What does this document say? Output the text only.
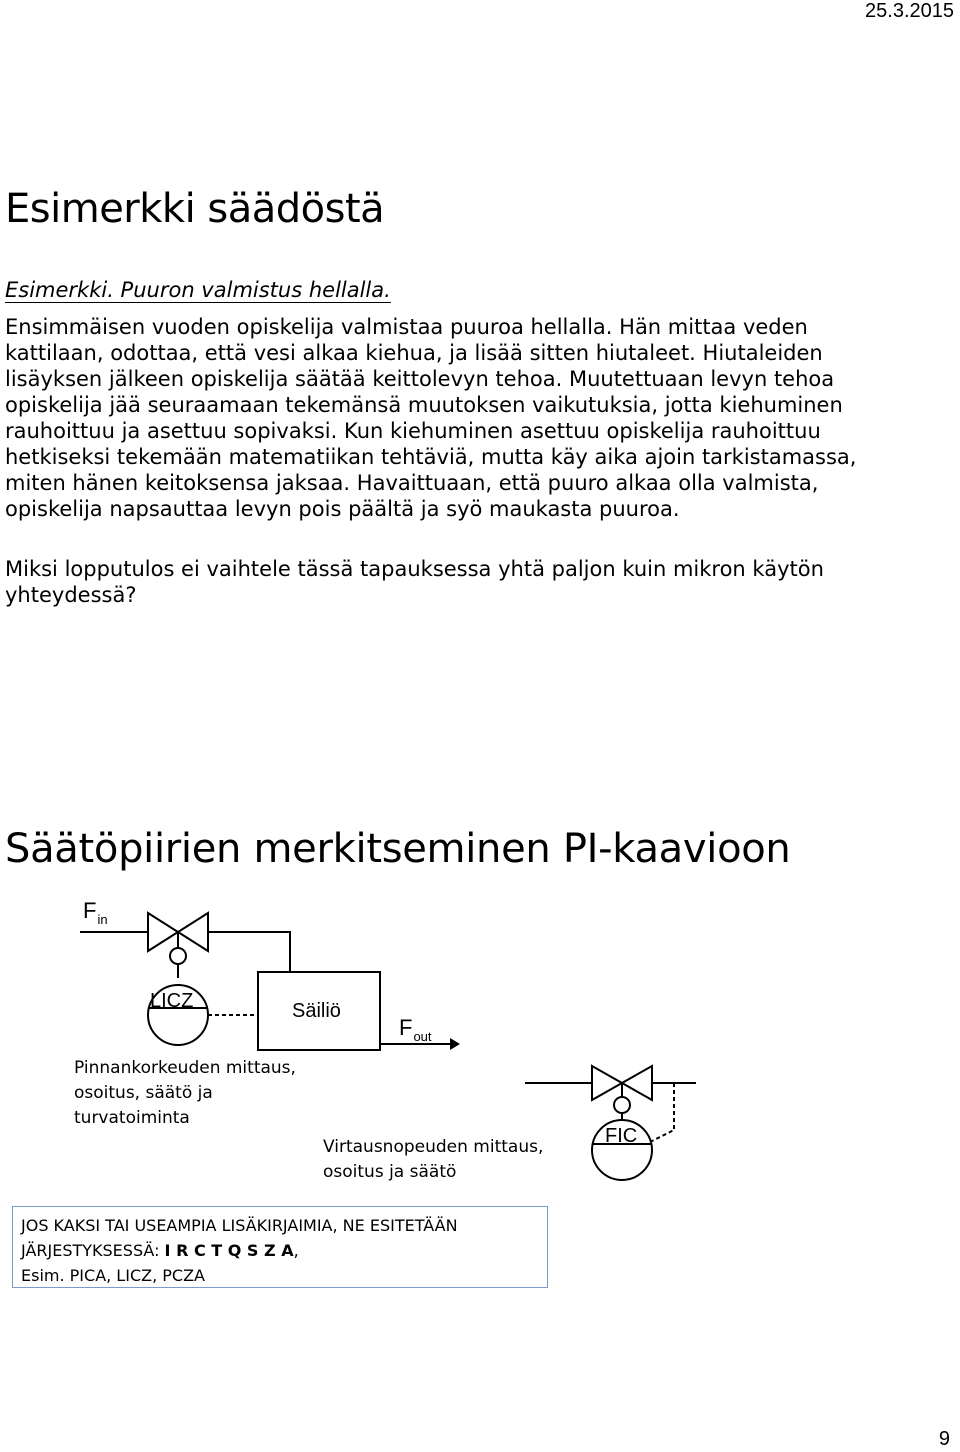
25.3.2015
Esimerkki säädöstä
Esimerkki. Puuron valmistus hellalla.

Ensimmäisen vuoden opiskelija valmistaa puuroa hellalla. Hän mittaa veden kattilaan, odottaa, että vesi alkaa kiehua, ja lisää sitten hiutaleet. Hiutaleiden lisäyksen jälkeen opiskelija säätää keittolevyn tehoa. Muutettuaan levyn tehoa opiskelija jää seuraamaan tekemänsä muutoksen vaikutuksia, jotta kiehuminen rauhoittuu ja asettuu sopivaksi. Kun kiehuminen asettuu opiskelija rauhoittuu hetkiseksi tekemään matematiikan tehtäviä, mutta käy aika ajoin tarkistamassa, miten hänen keitoksensa jaksaa. Havaittuaan, että puuro alkaa olla valmista, opiskelija napsauttaa levyn pois päältä ja syö maukasta puuroa.

Miksi lopputulos ei vaihtele tässä tapauksessa yhtä paljon kuin mikron käytön yhteydessä?

Säätöpiirien merkitseminen PI-kaavioon
$F_{in}$
LICZ	Säiliö
$F_{out}$
FIC
Pinnankorkeuden mittaus, osoitus, säätö ja turvatoiminta
Virtausnopeuden mittaus, osoitus ja säätö
JOS KAKSI TAI USEAMPIA LISÄKIRJAIMIA, NE ESITETÄÄN
JÄRJESTYKSESSÄ: I R C T Q S Z A,
Esim. PICA, LICZ, PCZA
9
